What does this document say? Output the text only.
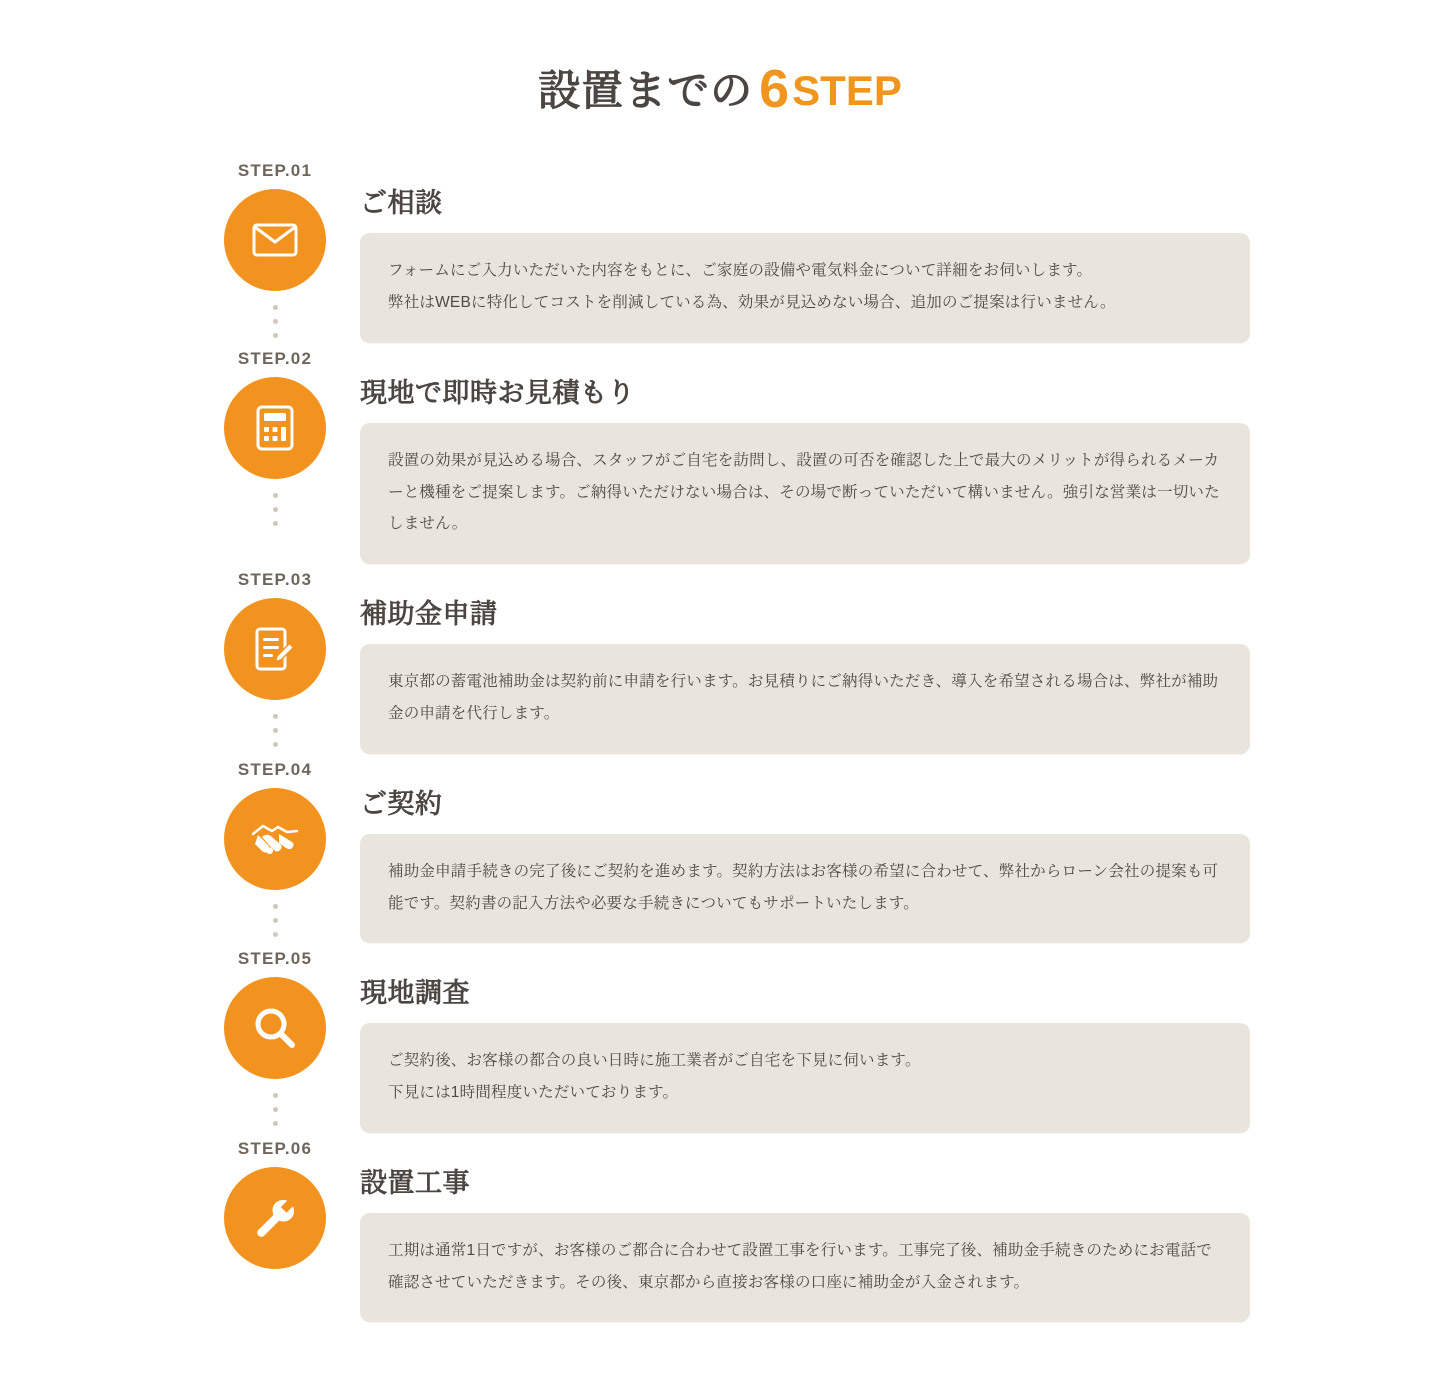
設置までの 6STEP
STEP.01
ご相談

フォームにご入力いただいた内容をもとに、ご家庭の設備や電気料金について詳細をお伺いします。

弊社はWEBに特化してコストを削減している為、効果が見込めない場合、追加のご提案は行いません。

STEP.02
現地で即時お見積もり

設置の効果が見込める場合、スタッフがご自宅を訪問し、設置の可否を確認した上で最大のメリットが得られるメーカーと機種をご提案します。ご納得いただけない場合は、その場で断っていただいて構いません。強引な営業は一切いたしません。

STEP.03
補助金申請

東京都の蓄電池補助金は契約前に申請を行います。お見積りにご納得いただき、導入を希望される場合は、弊社が補助金の申請を代行します。

STEP.04
ご契約

補助金申請手続きの完了後にご契約を進めます。契約方法はお客様の希望に合わせて、弊社からローン会社の提案も可能です。契約書の記入方法や必要な手続きについてもサポートいたします。

STEP.05
現地調査

ご契約後、お客様の都合の良い日時に施工業者がご自宅を下見に伺います。

下見には1時間程度いただいております。

STEP.06
設置工事

工期は通常1日ですが、お客様のご都合に合わせて設置工事を行います。工事完了後、補助金手続きのためにお電話で確認させていただきます。その後、東京都から直接お客様の口座に補助金が入金されます。
